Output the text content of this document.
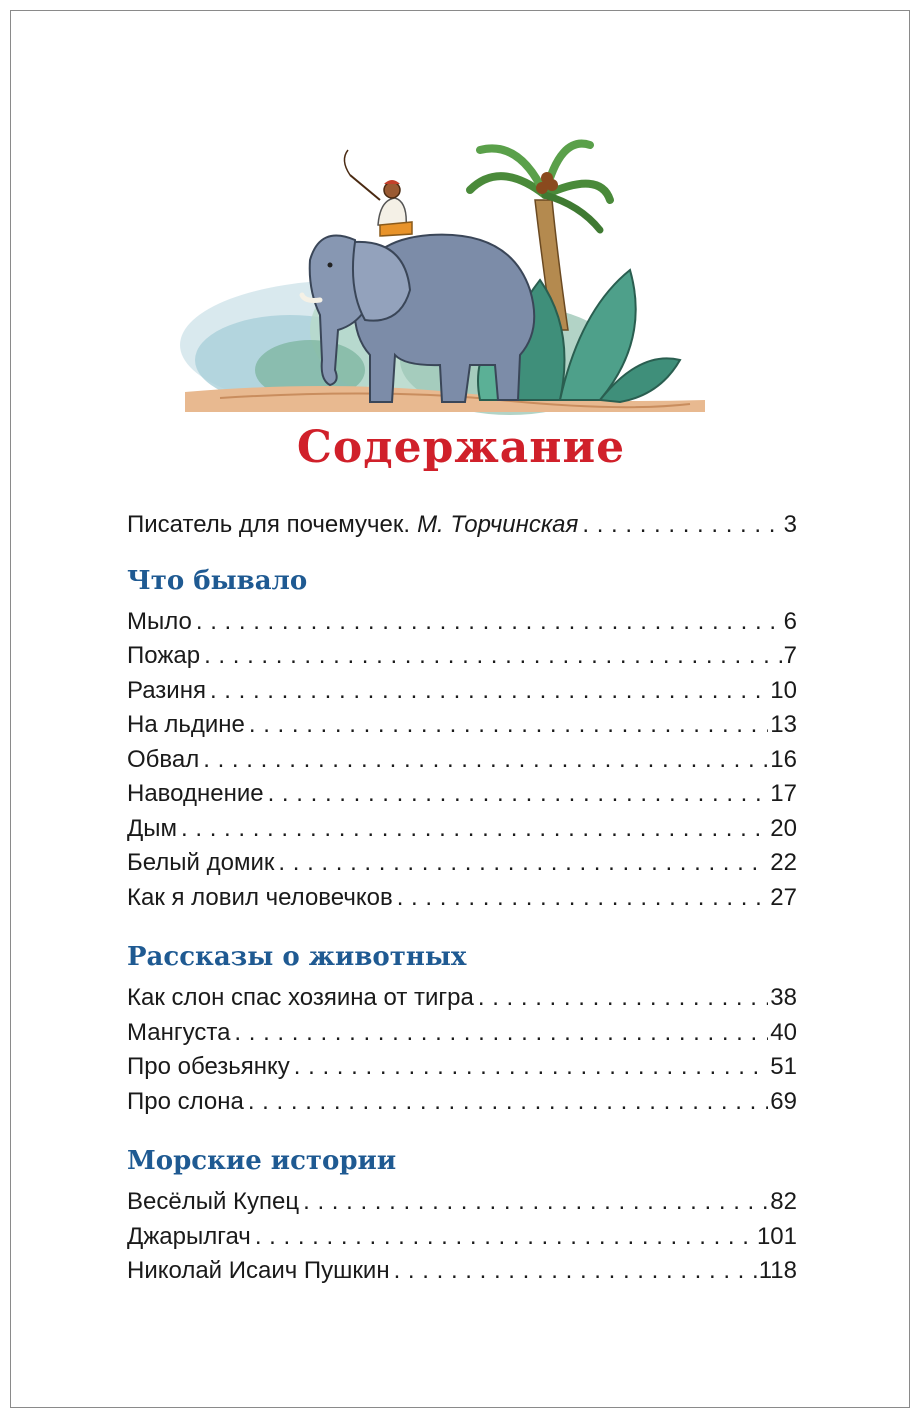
Содержание
Писатель для почемучек. М. Торчинская . . .	3
Что бывало
Мыло . . .	6
Пожар . . .	7
Разиня . . .	10
На льдине . . .	13
Обвал . . .	16
Наводнение . . .	17
Дым . . .	20
Белый домик . . .	22
Как я ловил человечков . . .	27
Рассказы о животных
Как слон спас хозяина от тигра . . .	38
Мангуста . . .	40
Про обезьянку . . .	51
Про слона . . .	69
Морские истории
Весёлый Купец . . .	82
Джарылгач . . .	101
Николай Исаич Пушкин . . .	118
